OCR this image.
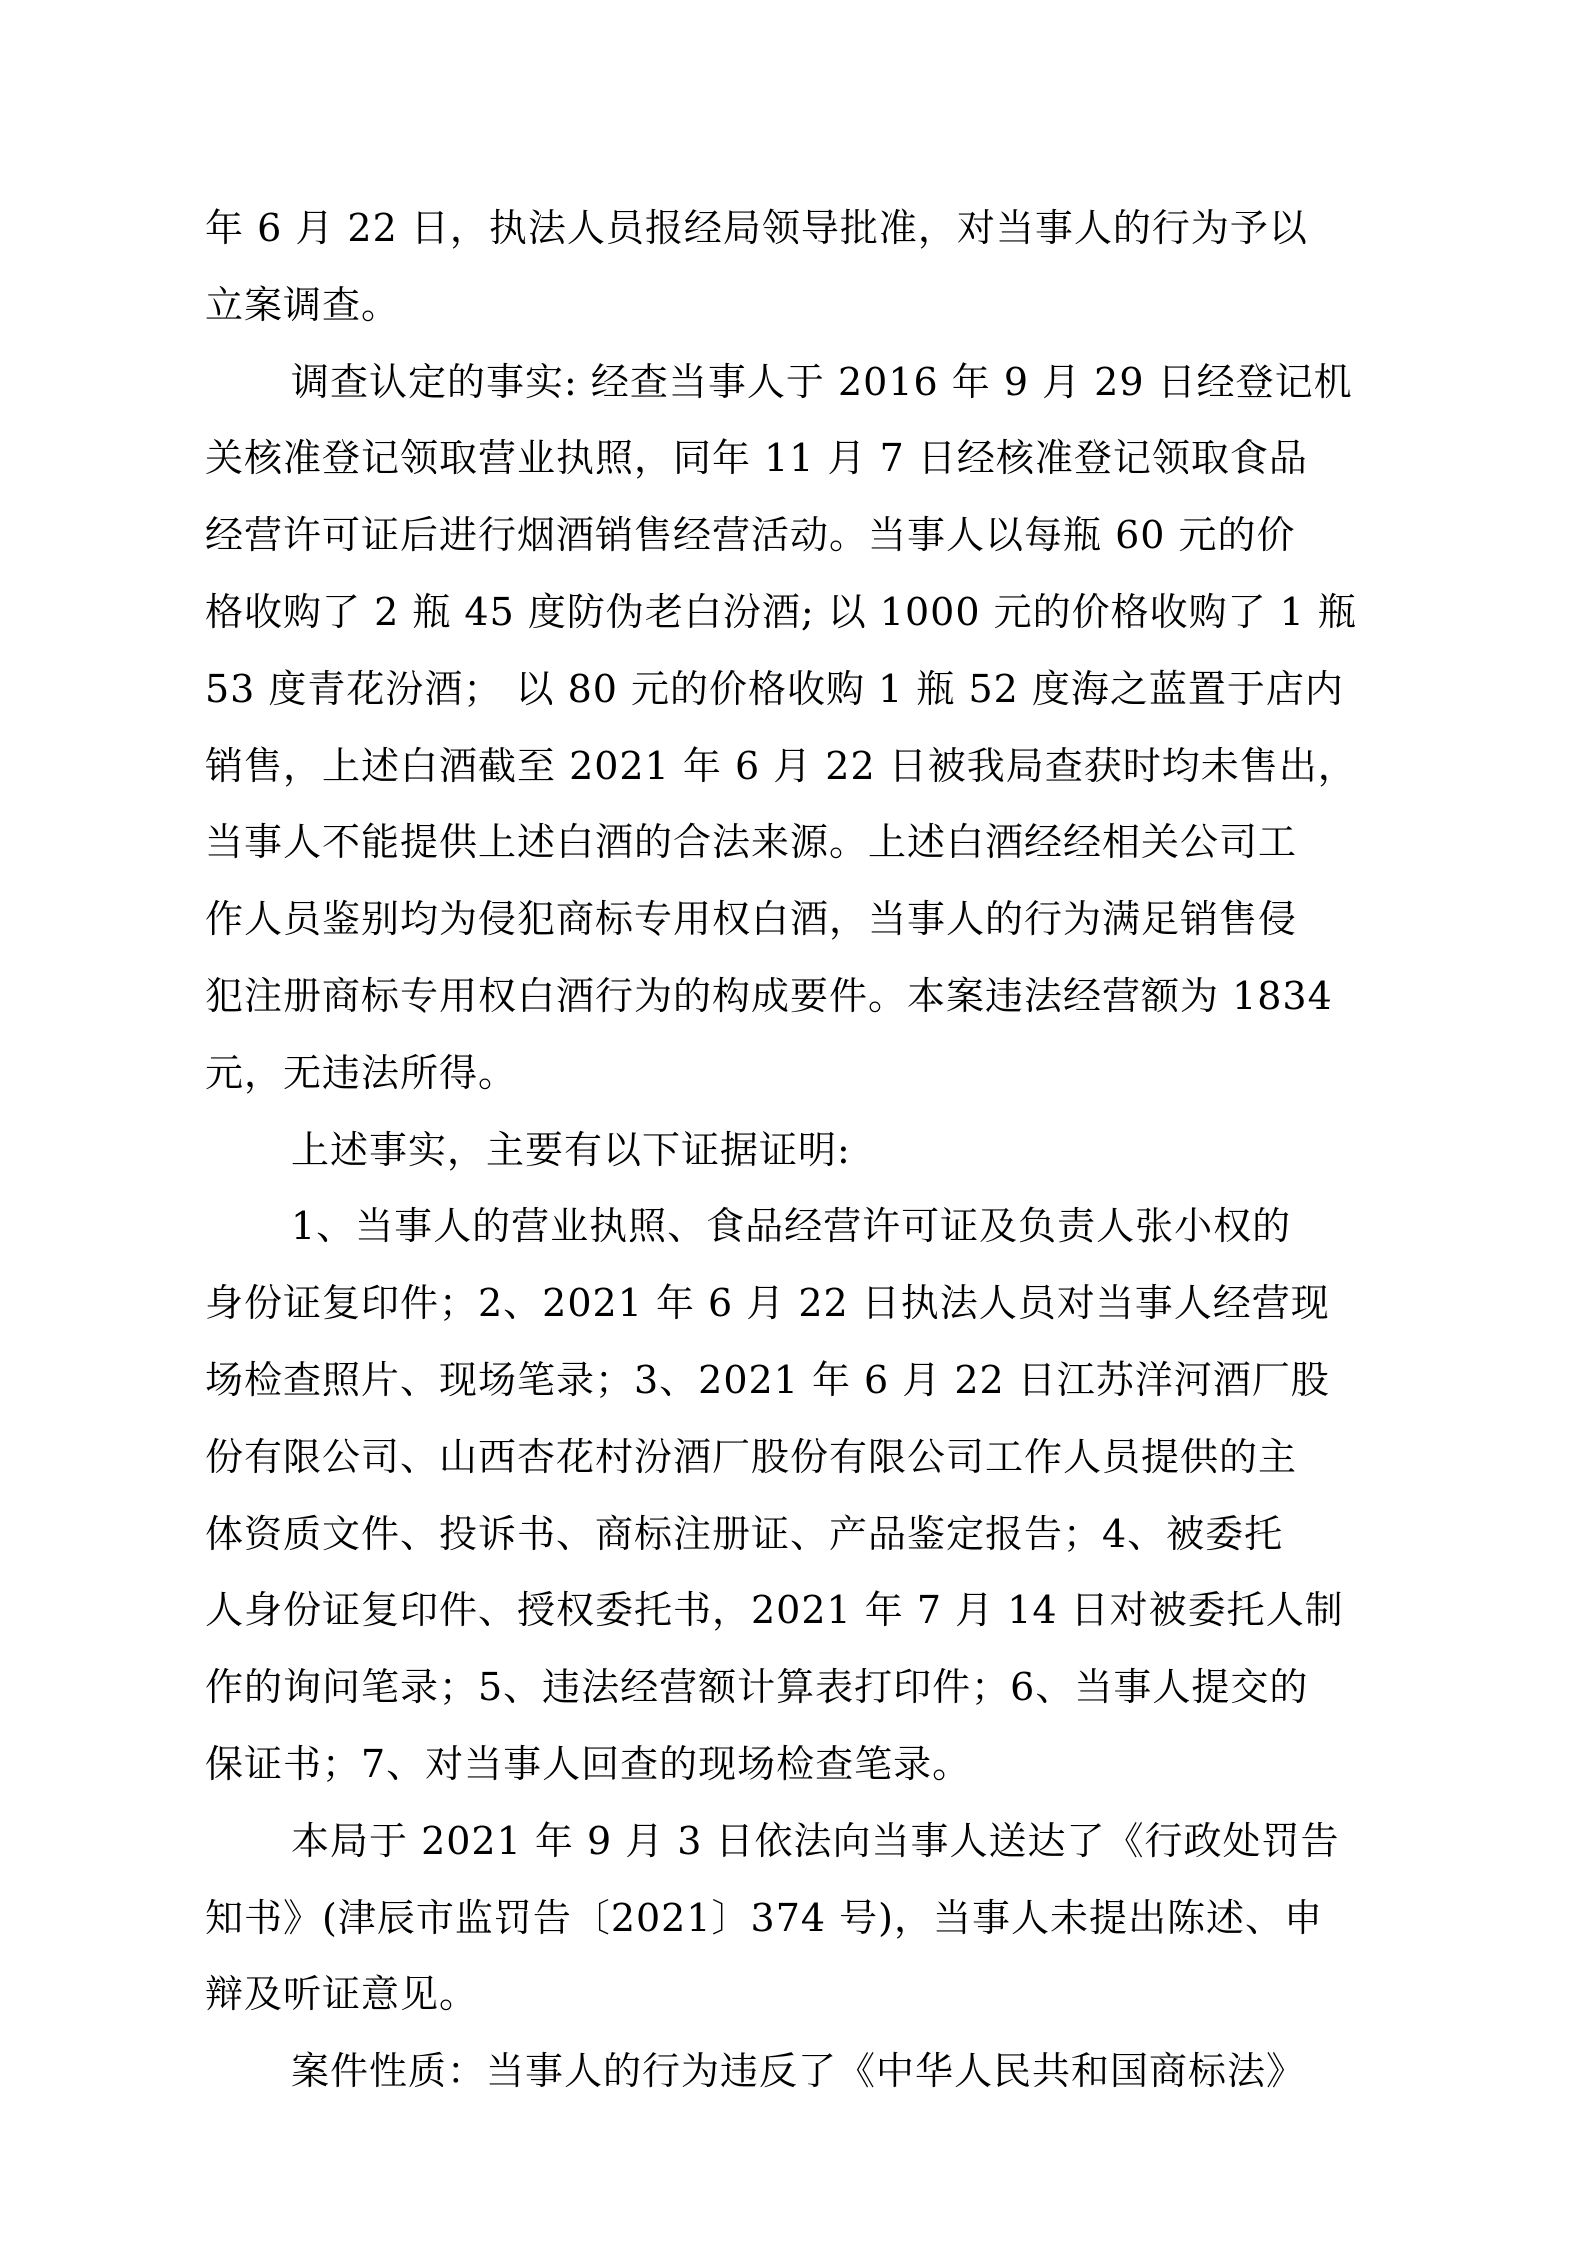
年 6 月 22 日，执法人员报经局领导批准，对当事人的行为予以
立案调查。
调查认定的事实: 经查当事人于 2016 年 9 月 29 日经登记机
关核准登记领取营业执照，同年 11 月 7 日经核准登记领取食品
经营许可证后进行烟酒销售经营活动。当事人以每瓶 60 元的价
格收购了 2 瓶 45 度防伪老白汾酒; 以 1000 元的价格收购了 1 瓶
53 度青花汾酒； 以 80 元的价格收购 1 瓶 52 度海之蓝置于店内
销售，上述白酒截至 2021 年 6 月 22 日被我局查获时均未售出，
当事人不能提供上述白酒的合法来源。上述白酒经经相关公司工
作人员鉴别均为侵犯商标专用权白酒，当事人的行为满足销售侵
犯注册商标专用权白酒行为的构成要件。本案违法经营额为 1834
元，无违法所得。
上述事实，主要有以下证据证明:
1、当事人的营业执照、食品经营许可证及负责人张小权的
身份证复印件；2、2021 年 6 月 22 日执法人员对当事人经营现
场检查照片、现场笔录；3、2021 年 6 月 22 日江苏洋河酒厂股
份有限公司、山西杏花村汾酒厂股份有限公司工作人员提供的主
体资质文件、投诉书、商标注册证、产品鉴定报告；4、被委托
人身份证复印件、授权委托书，2021 年 7 月 14 日对被委托人制
作的询问笔录；5、违法经营额计算表打印件；6、当事人提交的
保证书；7、对当事人回查的现场检查笔录。
本局于 2021 年 9 月 3 日依法向当事人送达了《行政处罚告
知书》(津辰市监罚告〔2021〕374 号)，当事人未提出陈述、申
辩及听证意见。
案件性质：当事人的行为违反了《中华人民共和国商标法》
